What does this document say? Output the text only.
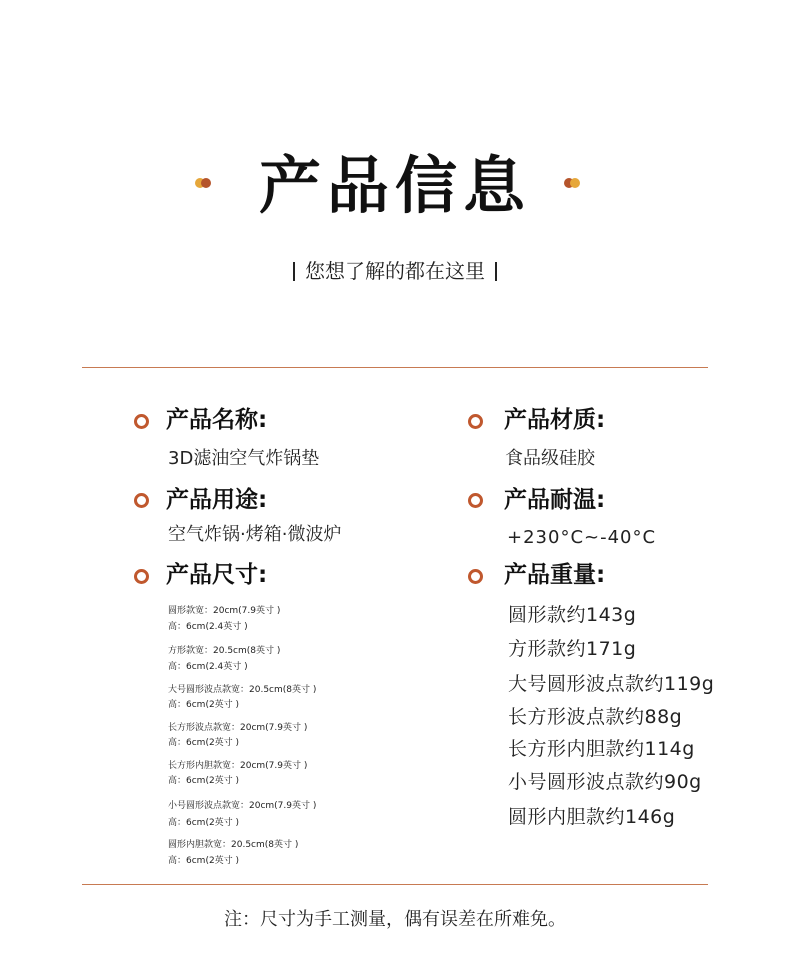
产品信息
您想了解的都在这里
产品名称:
3D滤油空气炸锅垫
产品用途:
空气炸锅·烤箱·微波炉
产品尺寸:
圆形款宽：20cm(7.9英寸 )
高：6cm(2.4英寸 )
方形款宽：20.5cm(8英寸 )
高：6cm(2.4英寸 )
大号圆形波点款宽：20.5cm(8英寸 )
高：6cm(2英寸 )
长方形波点款宽：20cm(7.9英寸 )
高：6cm(2英寸 )
长方形内胆款宽：20cm(7.9英寸 )
高：6cm(2英寸 )
小号圆形波点款宽：20cm(7.9英寸 )
高：6cm(2英寸 )
圆形内胆款宽：20.5cm(8英寸 )
高：6cm(2英寸 )
产品材质:
食品级硅胶
产品耐温:
+230°C~-40°C
产品重量:
圆形款约143g
方形款约171g
大号圆形波点款约119g
长方形波点款约88g
长方形内胆款约114g
小号圆形波点款约90g
圆形内胆款约146g
注：尺寸为手工测量，偶有误差在所难免。
